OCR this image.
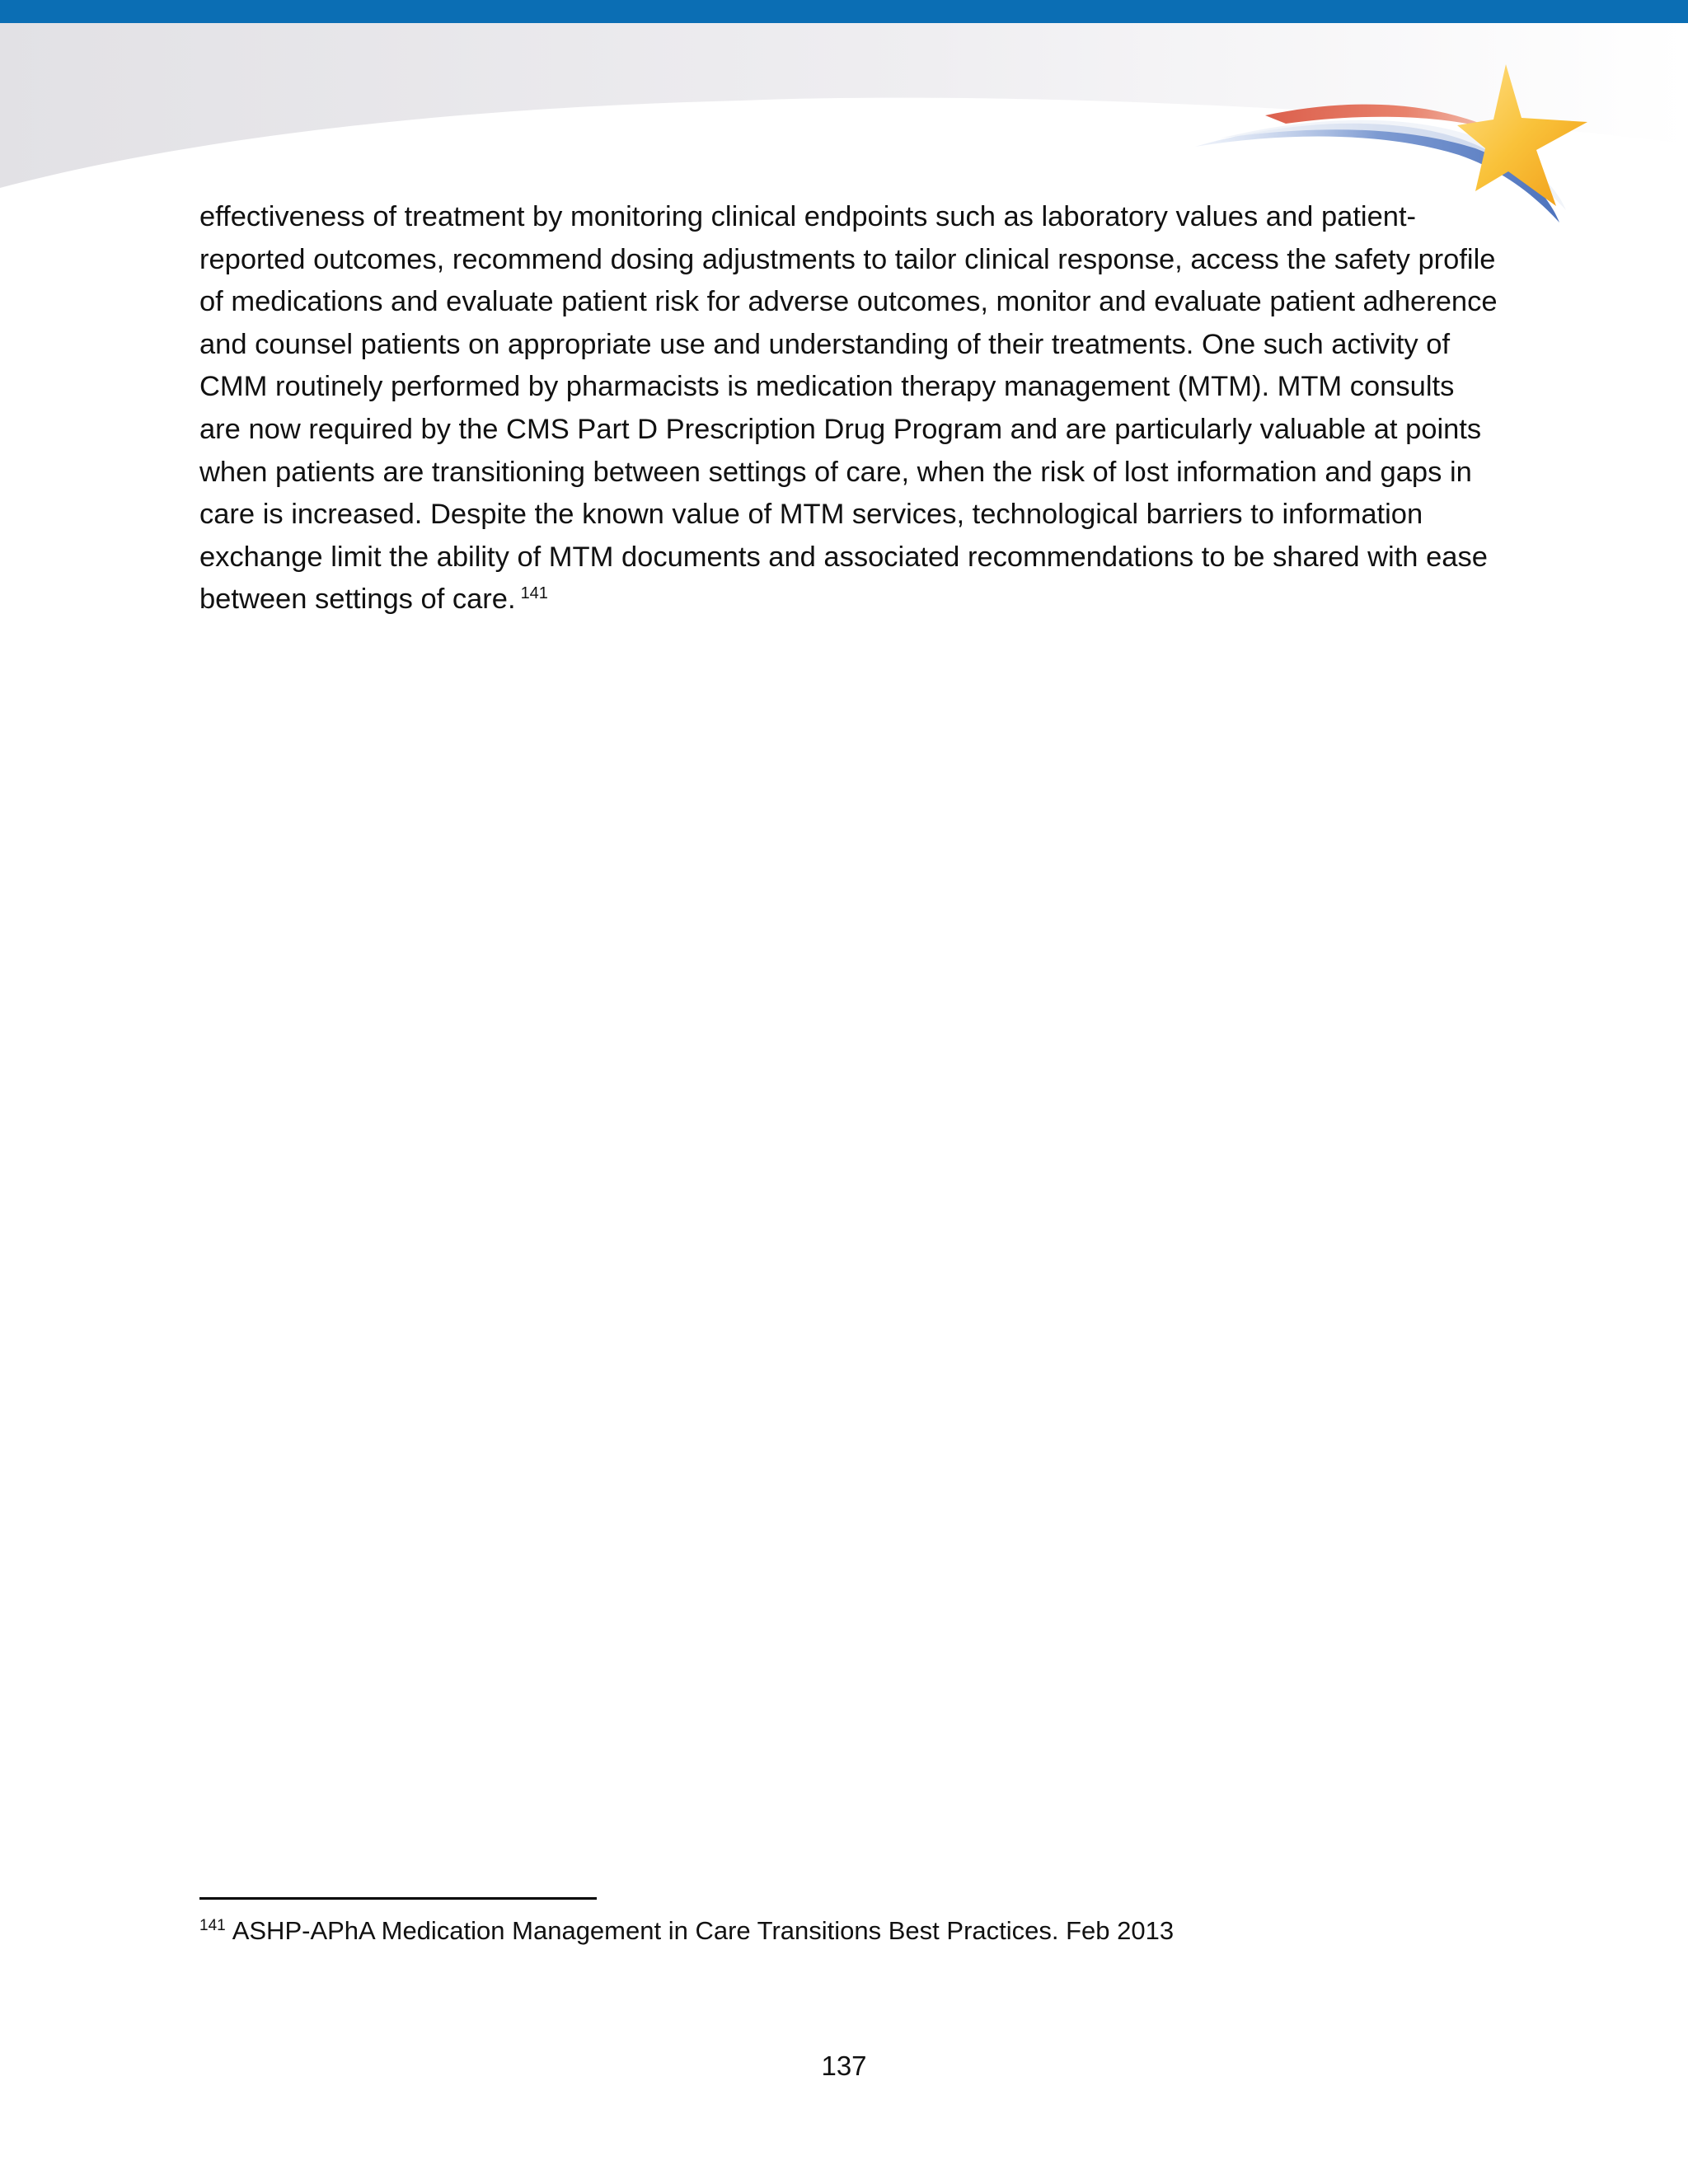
effectiveness of treatment by monitoring clinical endpoints such as laboratory values and patient-
reported outcomes, recommend dosing adjustments to tailor clinical response, access the safety profile
of medications and evaluate patient risk for adverse outcomes, monitor and evaluate patient adherence
and counsel patients on appropriate use and understanding of their treatments. One such activity of
CMM routinely performed by pharmacists is medication therapy management (MTM). MTM consults
are now required by the CMS Part D Prescription Drug Program and are particularly valuable at points
when patients are transitioning between settings of care, when the risk of lost information and gaps in
care is increased. Despite the known value of MTM services, technological barriers to information
exchange limit the ability of MTM documents and associated recommendations to be shared with ease
between settings of care. $^{141}$

$^{141}$ ASHP-APhA Medication Management in Care Transitions Best Practices. Feb 2013

137
